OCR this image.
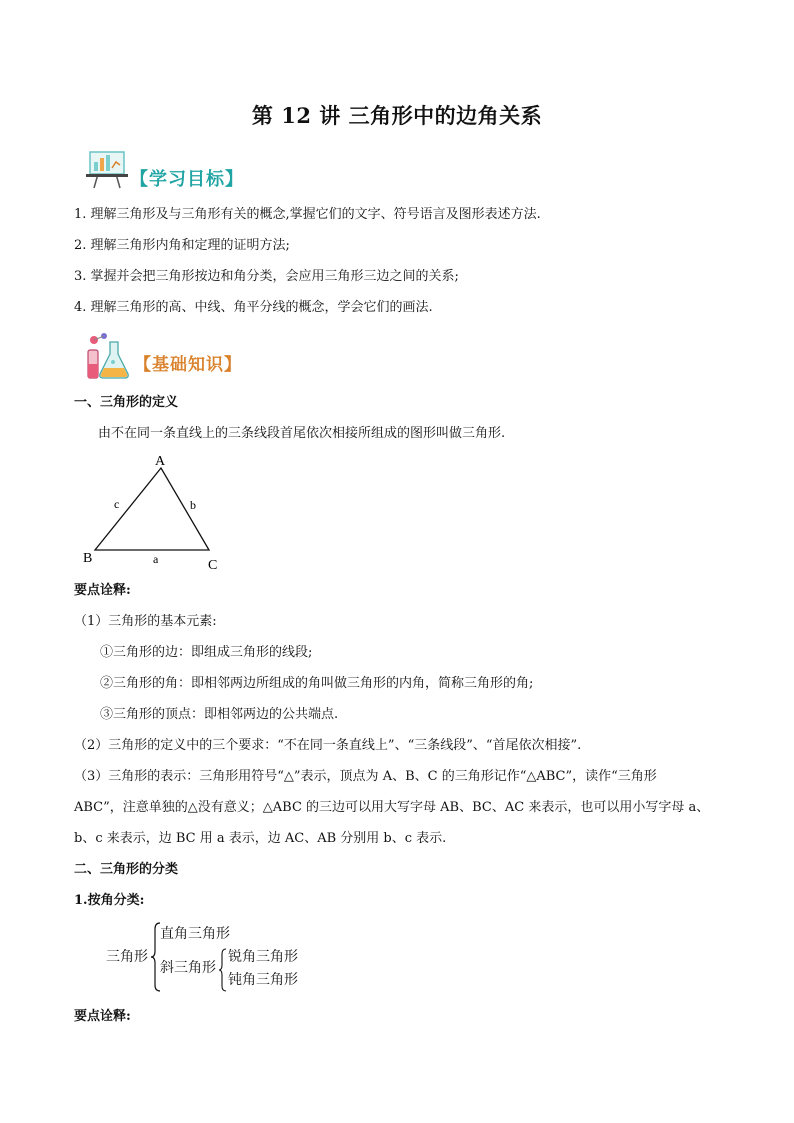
第 12 讲 三角形中的边角关系
【学习目标】
1. 理解三角形及与三角形有关的概念,掌握它们的文字、符号语言及图形表述方法.
2. 理解三角形内角和定理的证明方法;
3. 掌握并会把三角形按边和角分类，会应用三角形三边之间的关系;
4. 理解三角形的高、中线、角平分线的概念，学会它们的画法.
【基础知识】
一、三角形的定义
由不在同一条直线上的三条线段首尾依次相接所组成的图形叫做三角形.
A
B	C
c	b
a
要点诠释:
（1）三角形的基本元素:
①三角形的边：即组成三角形的线段;
②三角形的角：即相邻两边所组成的角叫做三角形的内角，简称三角形的角;
③三角形的顶点：即相邻两边的公共端点.
（2）三角形的定义中的三个要求：“不在同一条直线上”、“三条线段”、“首尾依次相接”.
（3）三角形的表示：三角形用符号“△”表示，顶点为 A、B、C 的三角形记作“△ABC”，读作“三角形
ABC”，注意单独的△没有意义；△ABC 的三边可以用大写字母 AB、BC、AC 来表示，也可以用小写字母 a、
b、c 来表示，边 BC 用 a 表示，边 AC、AB 分别用 b、c 表示.
二、三角形的分类
1.按角分类:
三角形
直角三角形
斜三角形
锐角三角形
钝角三角形
要点诠释:
